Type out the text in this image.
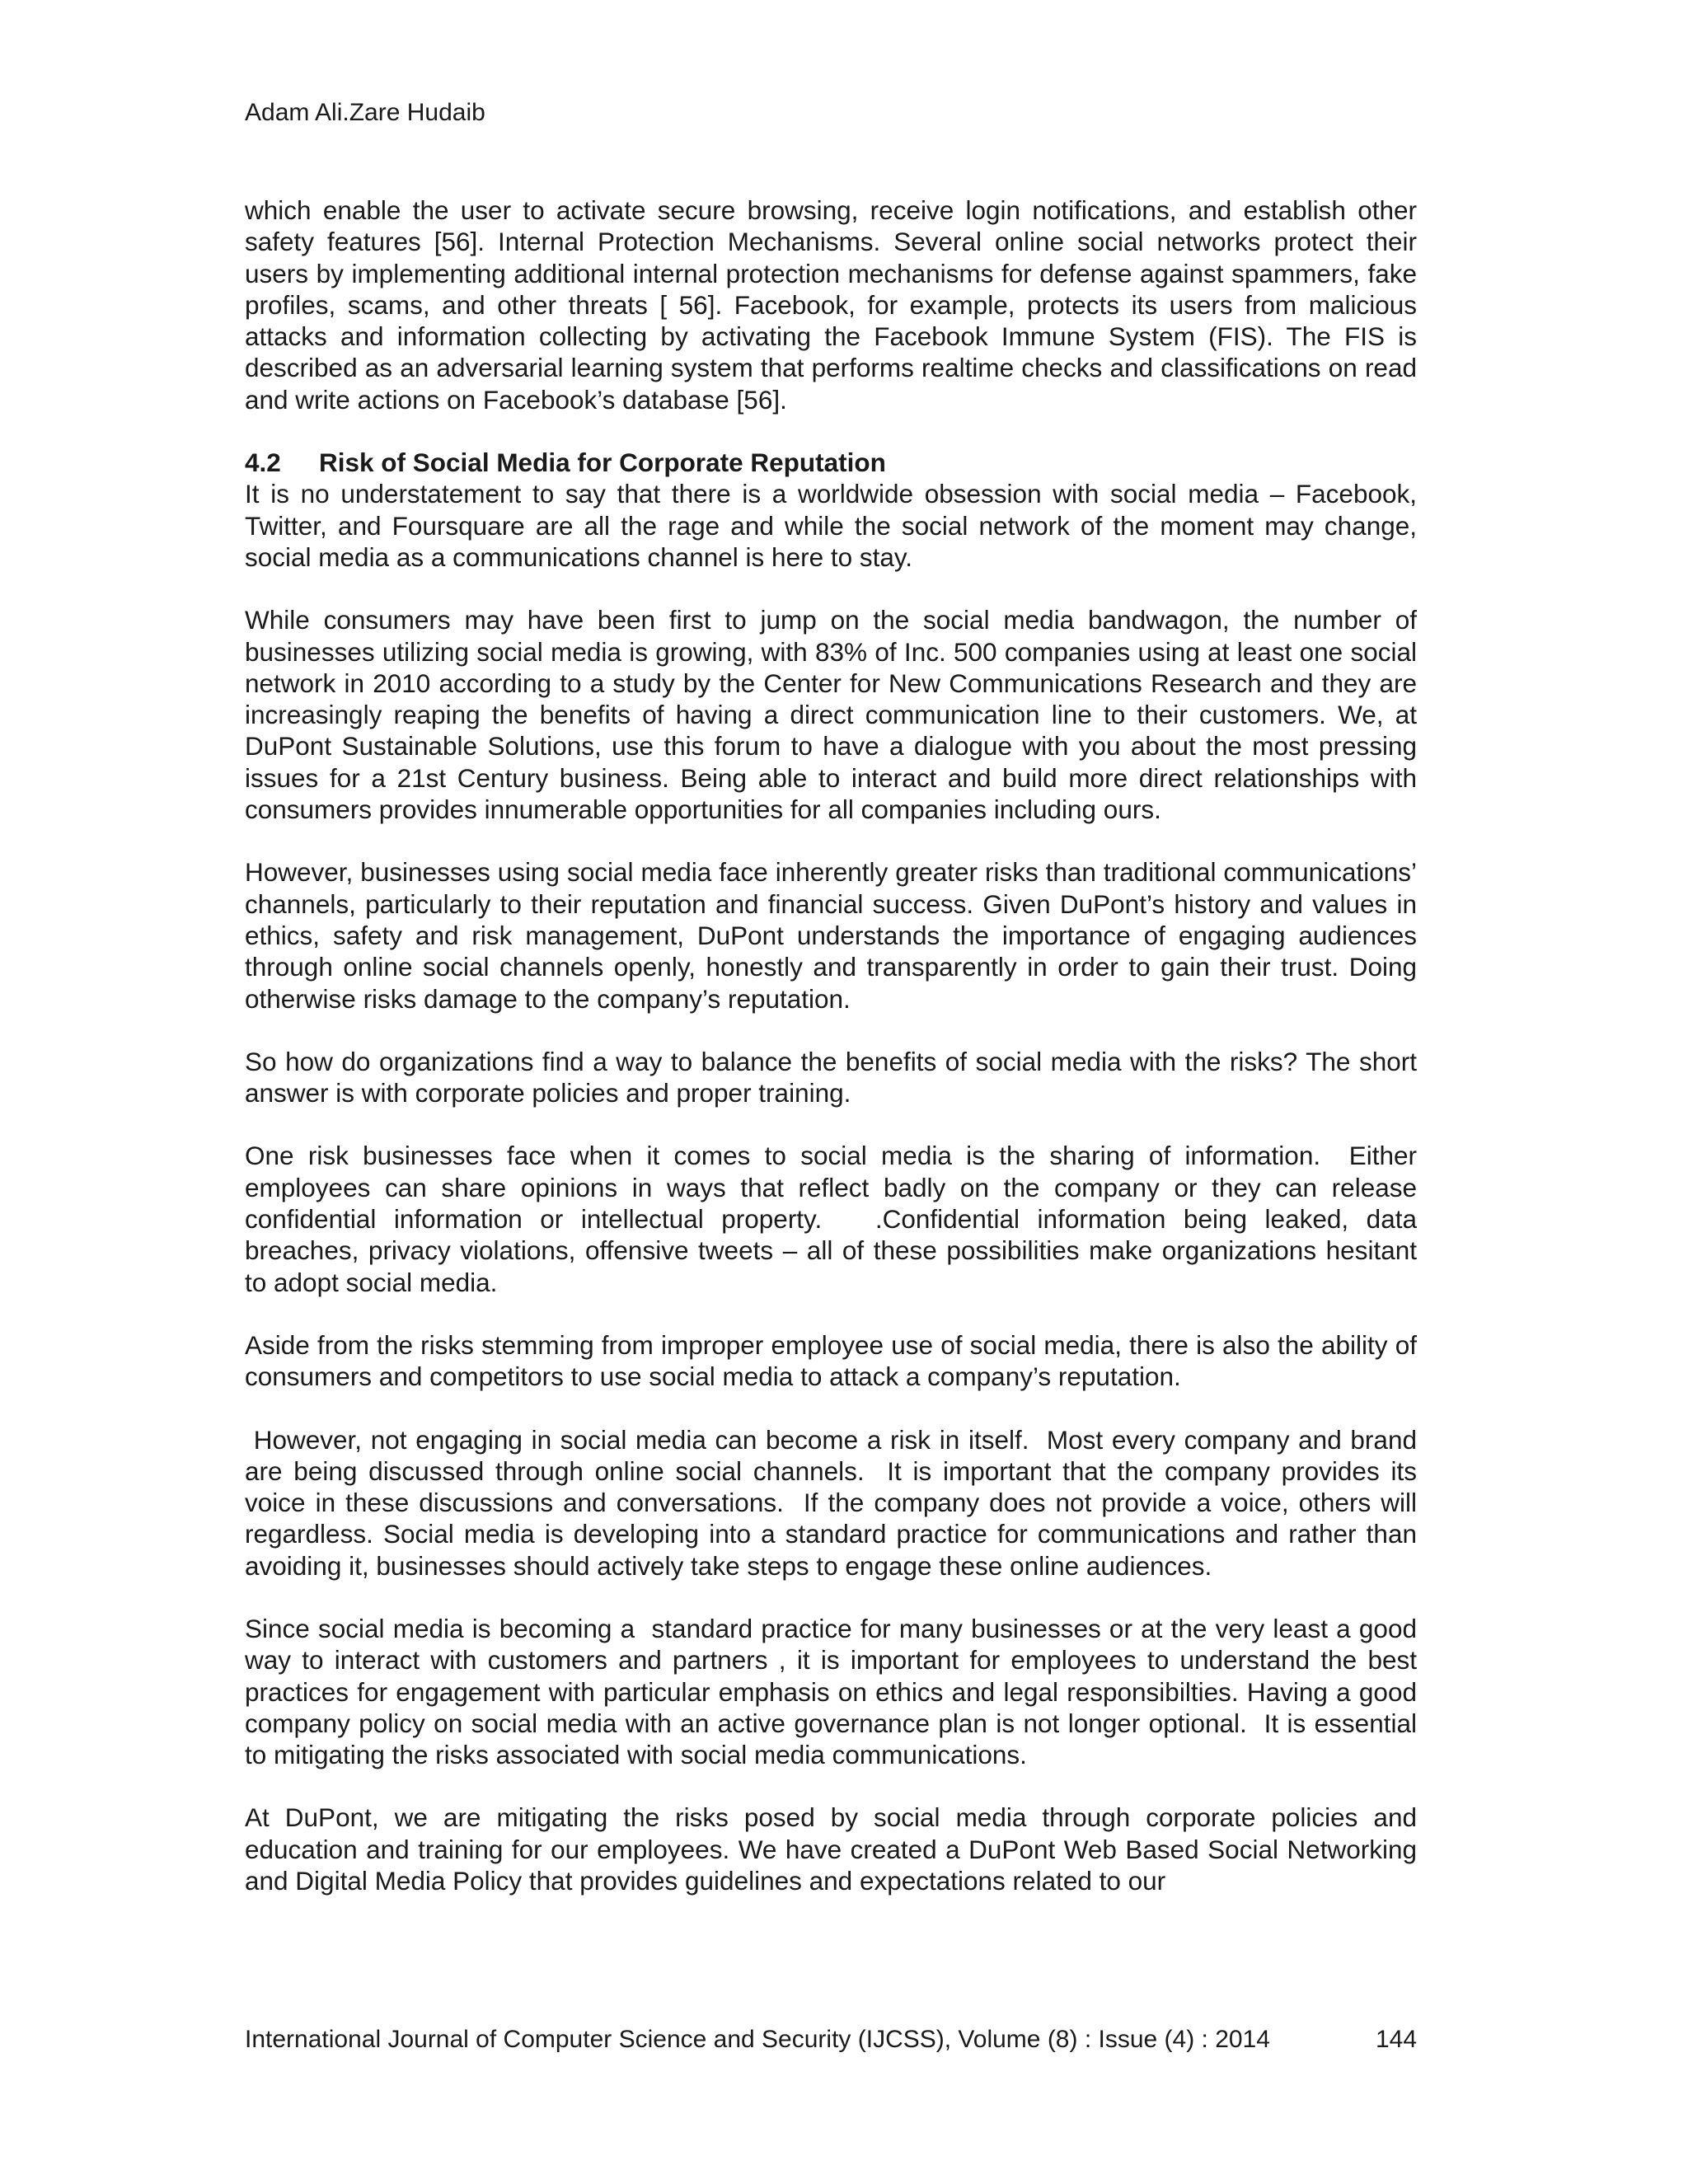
Adam Ali.Zare Hudaib

which enable the user to activate secure browsing, receive login notifications, and establish other safety features [56]. Internal Protection Mechanisms. Several online social networks protect their users by implementing additional internal protection mechanisms for defense against spammers, fake profiles, scams, and other threats [ 56]. Facebook, for example, protects its users from malicious attacks and information collecting by activating the Facebook Immune System (FIS). The FIS is described as an adversarial learning system that performs realtime checks and classifications on read and write actions on Facebook’s database [56].

4.2	Risk of Social Media for Corporate Reputation

It is no understatement to say that there is a worldwide obsession with social media – Facebook, Twitter, and Foursquare are all the rage and while the social network of the moment may change, social media as a communications channel is here to stay.

While consumers may have been first to jump on the social media bandwagon, the number of businesses utilizing social media is growing, with 83% of Inc. 500 companies using at least one social network in 2010 according to a study by the Center for New Communications Research and they are increasingly reaping the benefits of having a direct communication line to their customers. We, at DuPont Sustainable Solutions, use this forum to have a dialogue with you about the most pressing issues for a 21st Century business. Being able to interact and build more direct relationships with consumers provides innumerable opportunities for all companies including ours.

However, businesses using social media face inherently greater risks than traditional communications’ channels, particularly to their reputation and financial success. Given DuPont’s history and values in ethics, safety and risk management, DuPont understands the importance of engaging audiences through online social channels openly, honestly and transparently in order to gain their trust. Doing otherwise risks damage to the company’s reputation.

So how do organizations find a way to balance the benefits of social media with the risks? The short answer is with corporate policies and proper training.

One risk businesses face when it comes to social media is the sharing of information.  Either employees can share opinions in ways that reflect badly on the company or they can release confidential information or intellectual property.   .Confidential information being leaked, data breaches, privacy violations, offensive tweets – all of these possibilities make organizations hesitant to adopt social media.

Aside from the risks stemming from improper employee use of social media, there is also the ability of consumers and competitors to use social media to attack a company’s reputation.

However, not engaging in social media can become a risk in itself.  Most every company and brand are being discussed through online social channels.  It is important that the company provides its voice in these discussions and conversations.  If the company does not provide a voice, others will regardless. Social media is developing into a standard practice for communications and rather than avoiding it, businesses should actively take steps to engage these online audiences.

Since social media is becoming a  standard practice for many businesses or at the very least a good way to interact with customers and partners , it is important for employees to understand the best practices for engagement with particular emphasis on ethics and legal responsibilties. Having a good company policy on social media with an active governance plan is not longer optional.  It is essential to mitigating the risks associated with social media communications.

At DuPont, we are mitigating the risks posed by social media through corporate policies and education and training for our employees. We have created a DuPont Web Based Social Networking and Digital Media Policy that provides guidelines and expectations related to our

International Journal of Computer Science and Security (IJCSS), Volume (8) : Issue (4) : 2014	144
